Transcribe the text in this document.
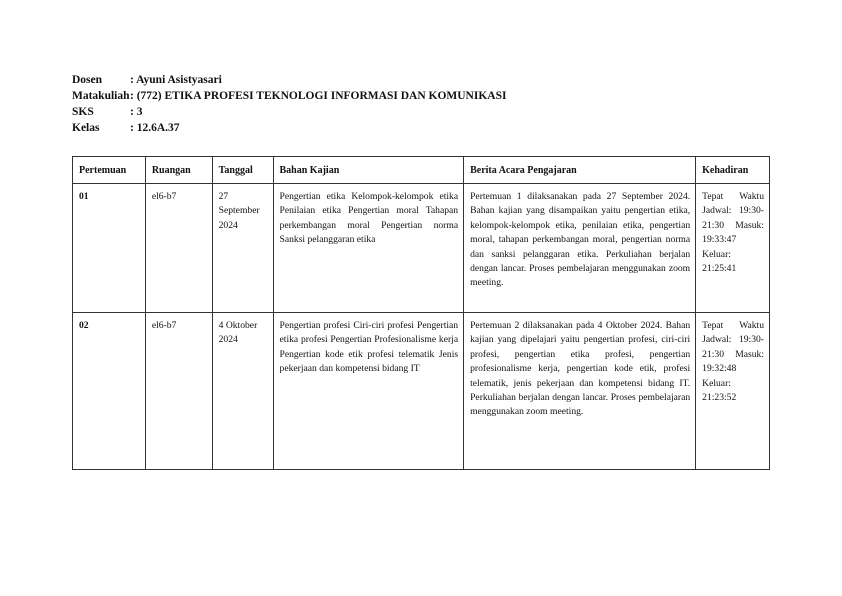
Dosen	: Ayuni Asistyasari
Matakuliah : (772) ETIKA PROFESI TEKNOLOGI INFORMASI DAN KOMUNIKASI
SKS	: 3
Kelas	: 12.6A.37
Pertemuan	Ruangan	Tanggal	Bahan Kajian	Berita Acara Pengajaran	Kehadiran
01	el6-b7	27 September 2024	Pengertian etika Kelompok-kelompok etika Penilaian etika Pengertian moral Tahapan perkembangan moral Pengertian norma Sanksi pelanggaran etika	Pertemuan 1 dilaksanakan pada 27 September 2024. Bahan kajian yang disampaikan yaitu pengertian etika, kelompok-kelompok etika, penilaian etika, pengertian moral, tahapan perkembangan moral, pengertian norma dan sanksi pelanggaran etika. Perkuliahan berjalan dengan lancar. Proses pembelajaran menggunakan zoom meeting.	Tepat Waktu Jadwal: 19:30-21:30 Masuk: 19:33:47 Keluar: 21:25:41
02	el6-b7	4 Oktober 2024	Pengertian profesi Ciri-ciri profesi Pengertian etika profesi Pengertian Profesionalisme kerja Pengertian kode etik profesi telematik Jenis pekerjaan dan kompetensi bidang IT	Pertemuan 2 dilaksanakan pada 4 Oktober 2024. Bahan kajian yang dipelajari yaitu pengertian profesi, ciri-ciri profesi, pengertian etika profesi, pengertian profesionalisme kerja, pengertian kode etik, profesi telematik, jenis pekerjaan dan kompetensi bidang IT. Perkuliahan berjalan dengan lancar. Proses pembelajaran menggunakan zoom meeting.	Tepat Waktu Jadwal: 19:30-21:30 Masuk: 19:32:48 Keluar: 21:23:52
